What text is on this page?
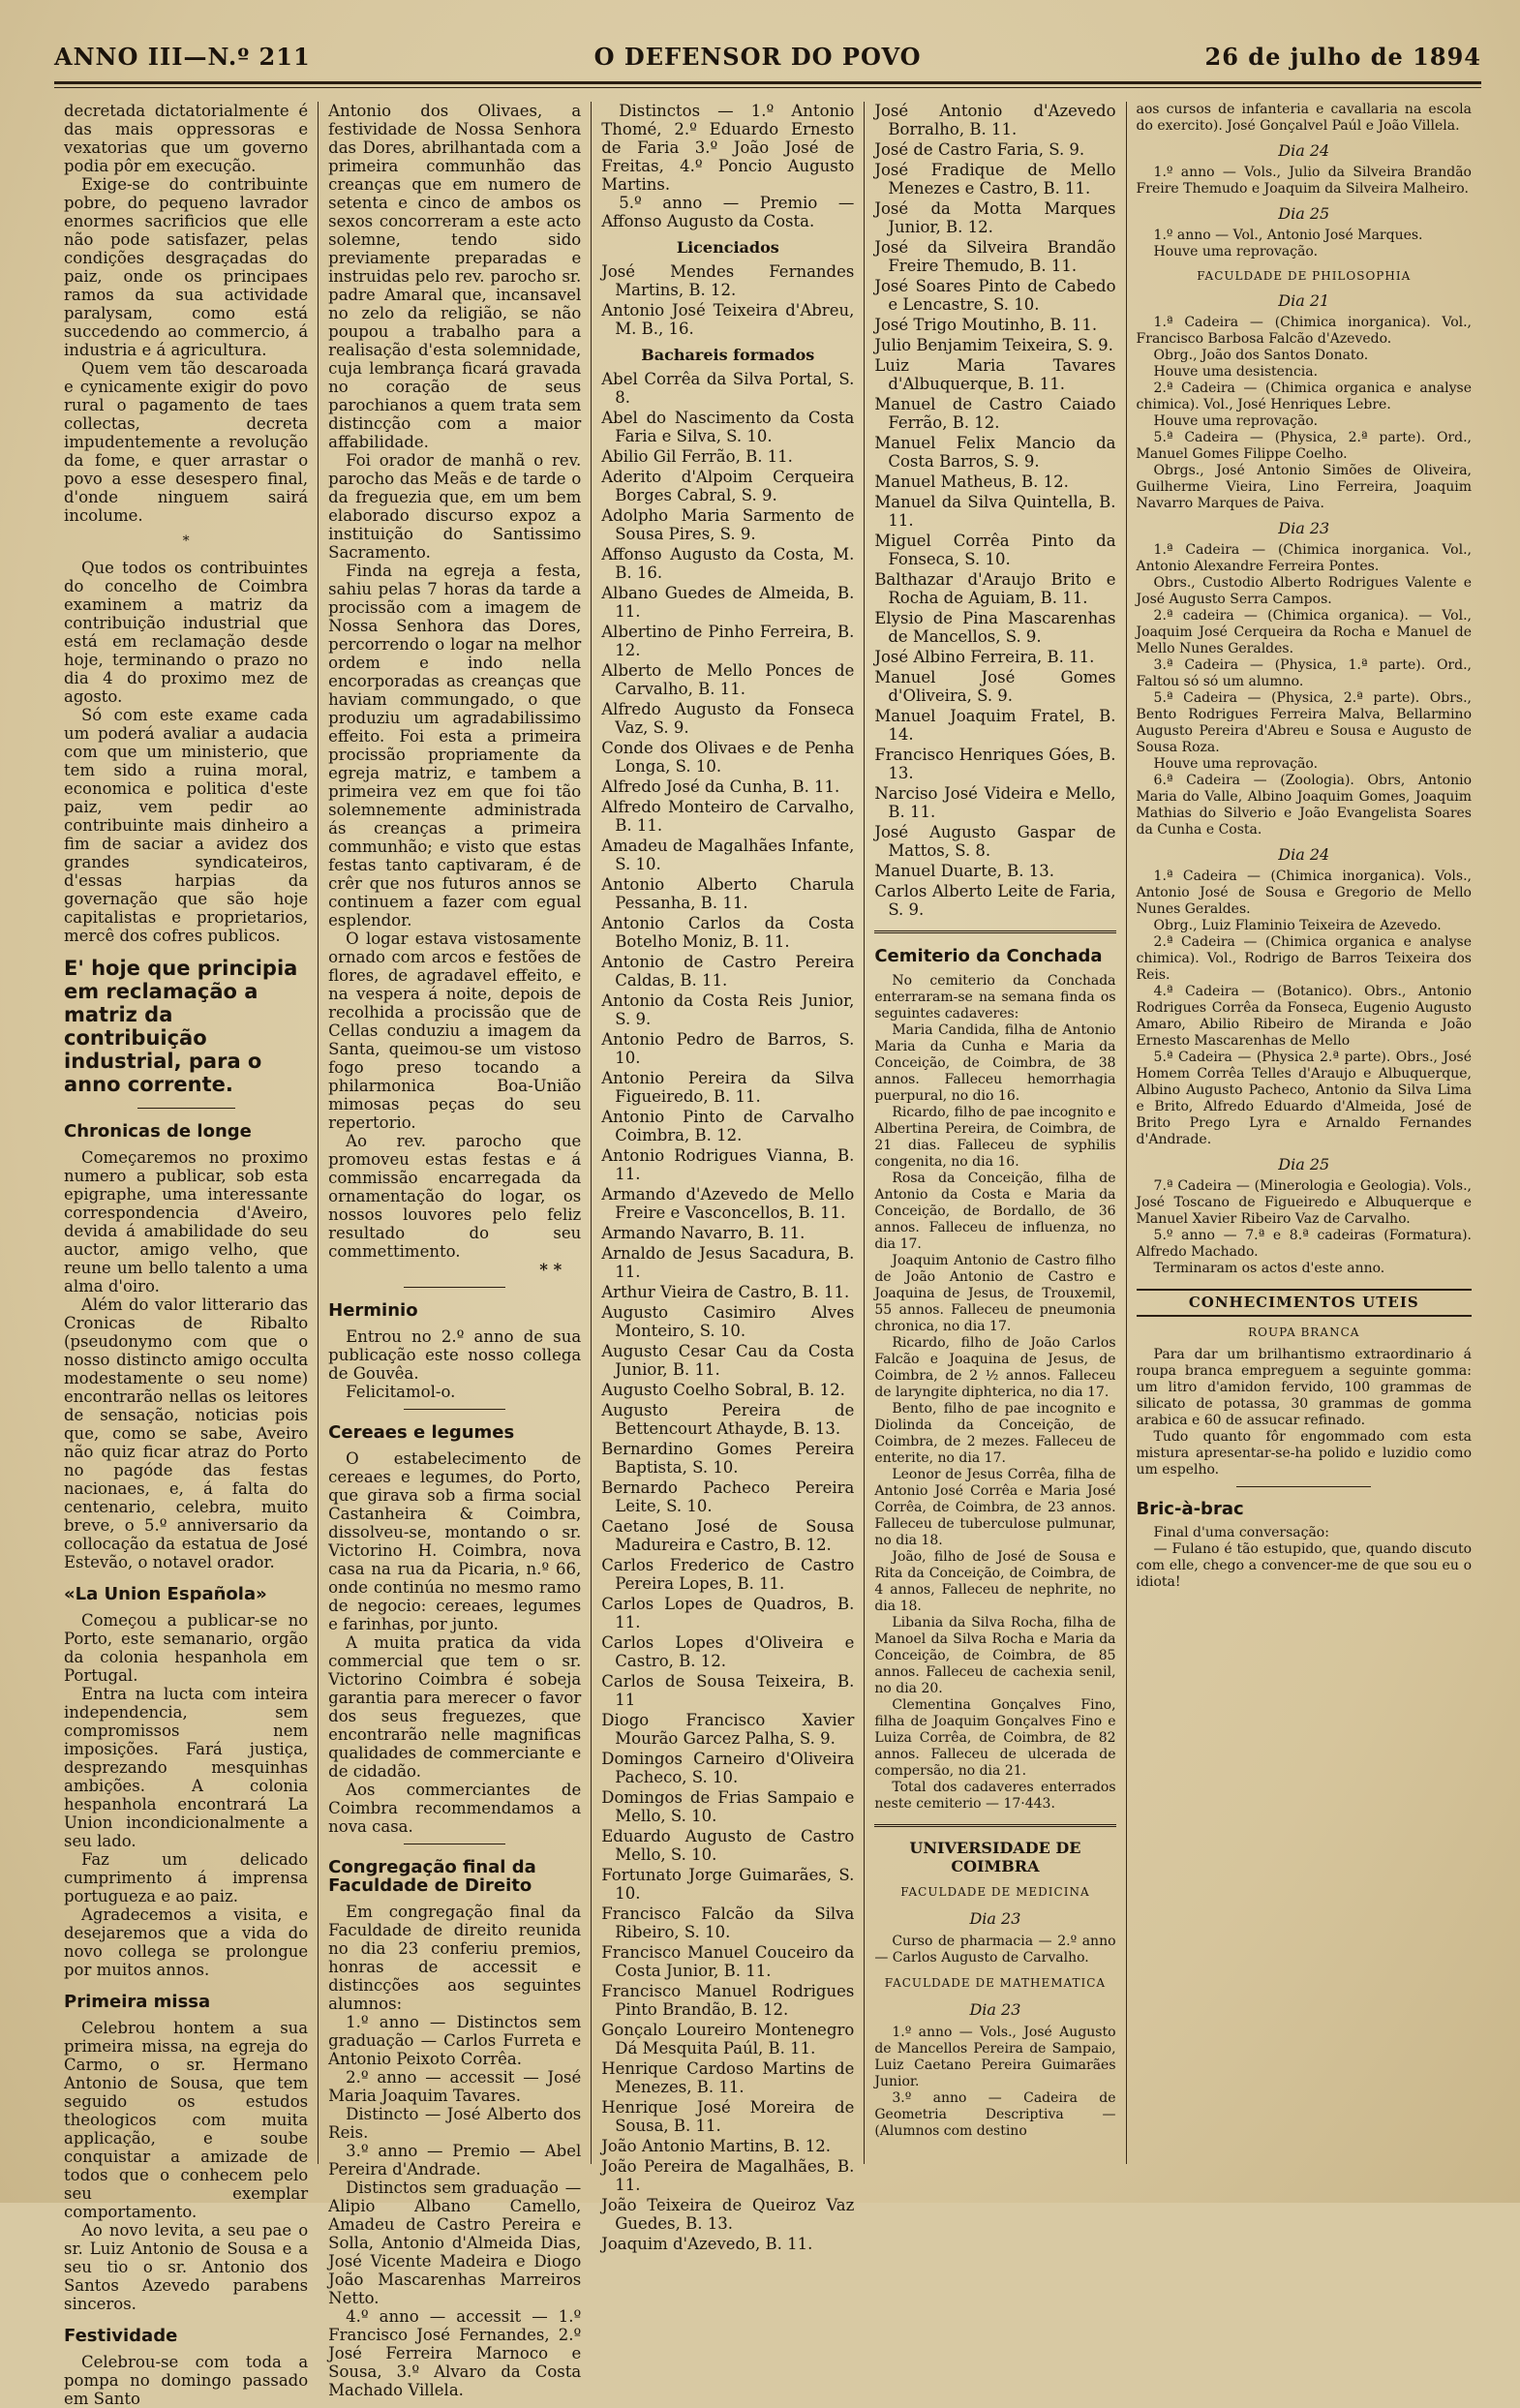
ANNO III—N.º 211	O DEFENSOR DO POVO	26 de julho de 1894

decretada dictatorialmente é das mais oppressoras e vexatorias que um governo podia pôr em execução.

Exige-se do contribuinte pobre, do pequeno lavrador enormes sacrificios que elle não pode satisfazer, pelas condições desgraçadas do paiz, onde os principaes ramos da sua actividade paralysam, como está succedendo ao commercio, á industria e á agricultura.

Quem vem tão descaroada e cynicamente exigir do povo rural o pagamento de taes collectas, decreta impudentemente a revolução da fome, e quer arrastar o povo a esse desespero final, d'onde ninguem sairá incolume.

*

Que todos os contribuintes do concelho de Coimbra examinem a matriz da contribuição industrial que está em reclamação desde hoje, terminando o prazo no dia 4 do proximo mez de agosto.

Só com este exame cada um poderá avaliar a audacia com que um ministerio, que tem sido a ruina moral, economica e politica d'este paiz, vem pedir ao contribuinte mais dinheiro a fim de saciar a avidez dos grandes syndicateiros, d'essas harpias da governação que são hoje capitalistas e proprietarios, mercê dos cofres publicos.

E' hoje que principia em reclamação a matriz da contribuição industrial, para o anno corrente.
Chronicas de longe

Começaremos no proximo numero a publicar, sob esta epigraphe, uma interessante correspondencia d'Aveiro, devida á amabilidade do seu auctor, amigo velho, que reune um bello talento a uma alma d'oiro.

Além do valor litterario das Cronicas de Ribalto (pseudonymo com que o nosso distincto amigo occulta modestamente o seu nome) encontrarão nellas os leitores de sensação, noticias pois que, como se sabe, Aveiro não quiz ficar atraz do Porto no pagóde das festas nacionaes, e, á falta do centenario, celebra, muito breve, o 5.º anniversario da collocação da estatua de José Estevão, o notavel orador.

«La Union Española»

Começou a publicar-se no Porto, este semanario, orgão da colonia hespanhola em Portugal.

Entra na lucta com inteira independencia, sem compromissos nem imposições. Fará justiça, desprezando mesquinhas ambições. A colonia hespanhola encontrará La Union incondicionalmente a seu lado.

Faz um delicado cumprimento á imprensa portugueza e ao paiz.

Agradecemos a visita, e desejaremos que a vida do novo collega se prolongue por muitos annos.

Primeira missa

Celebrou hontem a sua primeira missa, na egreja do Carmo, o sr. Hermano Antonio de Sousa, que tem seguido os estudos theologicos com muita applicação, e soube conquistar a amizade de todos que o conhecem pelo seu exemplar comportamento.

Ao novo levita, a seu pae o sr. Luiz Antonio de Sousa e a seu tio o sr. Antonio dos Santos Azevedo parabens sinceros.

Festividade

Celebrou-se com toda a pompa no domingo passado em Santo

Antonio dos Olivaes, a festividade de Nossa Senhora das Dores, abrilhantada com a primeira communhão das creanças que em numero de setenta e cinco de ambos os sexos concorreram a este acto solemne, tendo sido previamente preparadas e instruidas pelo rev. parocho sr. padre Amaral que, incansavel no zelo da religião, se não poupou a trabalho para a realisação d'esta solemnidade, cuja lembrança ficará gravada no coração de seus parochianos a quem trata sem distincção com a maior affabilidade.

Foi orador de manhã o rev. parocho das Meãs e de tarde o da freguezia que, em um bem elaborado discurso expoz a instituição do Santissimo Sacramento.

Finda na egreja a festa, sahiu pelas 7 horas da tarde a procissão com a imagem de Nossa Senhora das Dores, percorrendo o logar na melhor ordem e indo nella encorporadas as creanças que haviam commungado, o que produziu um agradabilissimo effeito. Foi esta a primeira procissão propriamente da egreja matriz, e tambem a primeira vez em que foi tão solemnemente administrada ás creanças a primeira communhão; e visto que estas festas tanto captivaram, é de crêr que nos futuros annos se continuem a fazer com egual esplendor.

O logar estava vistosamente ornado com arcos e festões de flores, de agradavel effeito, e na vespera á noite, depois de recolhida a procissão que de Cellas conduziu a imagem da Santa, queimou-se um vistoso fogo preso tocando a philarmonica Boa-União mimosas peças do seu repertorio.

Ao rev. parocho que promoveu estas festas e á commissão encarregada da ornamentação do logar, os nossos louvores pelo feliz resultado do seu commettimento.

* *
Herminio

Entrou no 2.º anno de sua publicação este nosso collega de Gouvêa.

Felicitamol-o.

Cereaes e legumes

O estabelecimento de cereaes e legumes, do Porto, que girava sob a firma social Castanheira & Coimbra, dissolveu-se, montando o sr. Victorino H. Coimbra, nova casa na rua da Picaria, n.º 66, onde continúa no mesmo ramo de negocio: cereaes, legumes e farinhas, por junto.

A muita pratica da vida commercial que tem o sr. Victorino Coimbra é sobeja garantia para merecer o favor dos seus freguezes, que encontrarão nelle magnificas qualidades de commerciante e de cidadão.

Aos commerciantes de Coimbra recommendamos a nova casa.

Congregação final da Faculdade de Direito

Em congregação final da Faculdade de direito reunida no dia 23 conferiu premios, honras de accessit e distincções aos seguintes alumnos:

1.º anno — Distinctos sem graduação — Carlos Furreta e Antonio Peixoto Corrêa.

2.º anno — accessit — José Maria Joaquim Tavares.

Distincto — José Alberto dos Reis.

3.º anno — Premio — Abel Pereira d'Andrade.

Distinctos sem graduação — Alipio Albano Camello, Amadeu de Castro Pereira e Solla, Antonio d'Almeida Dias, José Vicente Madeira e Diogo João Mascarenhas Marreiros Netto.

4.º anno — accessit — 1.º Francisco José Fernandes, 2.º José Ferreira Marnoco e Sousa, 3.º Alvaro da Costa Machado Villela.

Distinctos — 1.º Antonio Thomé, 2.º Eduardo Ernesto de Faria 3.º João José de Freitas, 4.º Poncio Augusto Martins.

5.º anno — Premio — Affonso Augusto da Costa.

Licenciados

José Mendes Fernandes Martins, B. 12.

Antonio José Teixeira d'Abreu, M. B., 16.

Bachareis formados

Abel Corrêa da Silva Portal, S. 8.

Abel do Nascimento da Costa Faria e Silva, S. 10.

Abilio Gil Ferrão, B. 11.

Aderito d'Alpoim Cerqueira Borges Cabral, S. 9.

Adolpho Maria Sarmento de Sousa Pires, S. 9.

Affonso Augusto da Costa, M. B. 16.

Albano Guedes de Almeida, B. 11.

Albertino de Pinho Ferreira, B. 12.

Alberto de Mello Ponces de Carvalho, B. 11.

Alfredo Augusto da Fonseca Vaz, S. 9.

Conde dos Olivaes e de Penha Longa, S. 10.

Alfredo José da Cunha, B. 11.

Alfredo Monteiro de Carvalho, B. 11.

Amadeu de Magalhães Infante, S. 10.

Antonio Alberto Charula Pessanha, B. 11.

Antonio Carlos da Costa Botelho Moniz, B. 11.

Antonio de Castro Pereira Caldas, B. 11.

Antonio da Costa Reis Junior, S. 9.

Antonio Pedro de Barros, S. 10.

Antonio Pereira da Silva Figueiredo, B. 11.

Antonio Pinto de Carvalho Coimbra, B. 12.

Antonio Rodrigues Vianna, B. 11.

Armando d'Azevedo de Mello Freire e Vasconcellos, B. 11.

Armando Navarro, B. 11.

Arnaldo de Jesus Sacadura, B. 11.

Arthur Vieira de Castro, B. 11.

Augusto Casimiro Alves Monteiro, S. 10.

Augusto Cesar Cau da Costa Junior, B. 11.

Augusto Coelho Sobral, B. 12.

Augusto Pereira de Bettencourt Athayde, B. 13.

Bernardino Gomes Pereira Baptista, S. 10.

Bernardo Pacheco Pereira Leite, S. 10.

Caetano José de Sousa Madureira e Castro, B. 12.

Carlos Frederico de Castro Pereira Lopes, B. 11.

Carlos Lopes de Quadros, B. 11.

Carlos Lopes d'Oliveira e Castro, B. 12.

Carlos de Sousa Teixeira, B. 11

Diogo Francisco Xavier Mourão Garcez Palha, S. 9.

Domingos Carneiro d'Oliveira Pacheco, S. 10.

Domingos de Frias Sampaio e Mello, S. 10.

Eduardo Augusto de Castro Mello, S. 10.

Fortunato Jorge Guimarães, S. 10.

Francisco Falcão da Silva Ribeiro, S. 10.

Francisco Manuel Couceiro da Costa Junior, B. 11.

Francisco Manuel Rodrigues Pinto Brandão, B. 12.

Gonçalo Loureiro Montenegro Dá Mesquita Paúl, B. 11.

Henrique Cardoso Martins de Menezes, B. 11.

Henrique José Moreira de Sousa, B. 11.

João Antonio Martins, B. 12.

João Pereira de Magalhães, B. 11.

João Teixeira de Queiroz Vaz Guedes, B. 13.

Joaquim d'Azevedo, B. 11.

José Antonio d'Azevedo Borralho, B. 11.

José de Castro Faria, S. 9.

José Fradique de Mello Menezes e Castro, B. 11.

José da Motta Marques Junior, B. 12.

José da Silveira Brandão Freire Themudo, B. 11.

José Soares Pinto de Cabedo e Lencastre, S. 10.

José Trigo Moutinho, B. 11.

Julio Benjamim Teixeira, S. 9.

Luiz Maria Tavares d'Albuquerque, B. 11.

Manuel de Castro Caiado Ferrão, B. 12.

Manuel Felix Mancio da Costa Barros, S. 9.

Manuel Matheus, B. 12.

Manuel da Silva Quintella, B. 11.

Miguel Corrêa Pinto da Fonseca, S. 10.

Balthazar d'Araujo Brito e Rocha de Aguiam, B. 11.

Elysio de Pina Mascarenhas de Mancellos, S. 9.

José Albino Ferreira, B. 11.

Manuel José Gomes d'Oliveira, S. 9.

Manuel Joaquim Fratel, B. 14.

Francisco Henriques Góes, B. 13.

Narciso José Videira e Mello, B. 11.

José Augusto Gaspar de Mattos, S. 8.

Manuel Duarte, B. 13.

Carlos Alberto Leite de Faria, S. 9.

Cemiterio da Conchada

No cemiterio da Conchada enterraram-se na semana finda os seguintes cadaveres:

Maria Candida, filha de Antonio Maria da Cunha e Maria da Conceição, de Coimbra, de 38 annos. Falleceu hemorrhagia puerpural, no dio 16.

Ricardo, filho de pae incognito e Albertina Pereira, de Coimbra, de 21 dias. Falleceu de syphilis congenita, no dia 16.

Rosa da Conceição, filha de Antonio da Costa e Maria da Conceição, de Bordallo, de 36 annos. Falleceu de influenza, no dia 17.

Joaquim Antonio de Castro filho de João Antonio de Castro e Joaquina de Jesus, de Trouxemil, 55 annos. Falleceu de pneumonia chronica, no dia 17.

Ricardo, filho de João Carlos Falcão e Joaquina de Jesus, de Coimbra, de 2 ½ annos. Falleceu de laryngite diphterica, no dia 17.

Bento, filho de pae incognito e Diolinda da Conceição, de Coimbra, de 2 mezes. Falleceu de enterite, no dia 17.

Leonor de Jesus Corrêa, filha de Antonio José Corrêa e Maria José Corrêa, de Coimbra, de 23 annos. Falleceu de tuberculose pulmunar, no dia 18.

João, filho de José de Sousa e Rita da Conceição, de Coimbra, de 4 annos, Falleceu de nephrite, no dia 18.

Libania da Silva Rocha, filha de Manoel da Silva Rocha e Maria da Conceição, de Coimbra, de 85 annos. Falleceu de cachexia senil, no dia 20.

Clementina Gonçalves Fino, filha de Joaquim Gonçalves Fino e Luiza Corrêa, de Coimbra, de 82 annos. Falleceu de ulcerada de compersão, no dia 21.

Total dos cadaveres enterrados neste cemiterio — 17·443.

UNIVERSIDADE DE COIMBRA
FACULDADE DE MEDICINA
Dia 23

Curso de pharmacia — 2.º anno — Carlos Augusto de Carvalho.

FACULDADE DE MATHEMATICA
Dia 23

1.º anno — Vols., José Augusto de Mancellos Pereira de Sampaio, Luiz Caetano Pereira Guimarães Junior.

3.º anno — Cadeira de Geometria Descriptiva — (Alumnos com destino

aos cursos de infanteria e cavallaria na escola do exercito). José Gonçalvel Paúl e João Villela.

Dia 24

1.º anno — Vols., Julio da Silveira Brandão Freire Themudo e Joaquim da Silveira Malheiro.

Dia 25

1.º anno — Vol., Antonio José Marques.

Houve uma reprovação.

FACULDADE DE PHILOSOPHIA
Dia 21

1.ª Cadeira — (Chimica inorganica). Vol., Francisco Barbosa Falcão d'Azevedo.

Obrg., João dos Santos Donato.

Houve uma desistencia.

2.ª Cadeira — (Chimica organica e analyse chimica). Vol., José Henriques Lebre.

Houve uma reprovação.

5.ª Cadeira — (Physica, 2.ª parte). Ord., Manuel Gomes Filippe Coelho.

Obrgs., José Antonio Simões de Oliveira, Guilherme Vieira, Lino Ferreira, Joaquim Navarro Marques de Paiva.

Dia 23

1.ª Cadeira — (Chimica inorganica. Vol., Antonio Alexandre Ferreira Pontes.

Obrs., Custodio Alberto Rodrigues Valente e José Augusto Serra Campos.

2.ª cadeira — (Chimica organica). — Vol., Joaquim José Cerqueira da Rocha e Manuel de Mello Nunes Geraldes.

3.ª Cadeira — (Physica, 1.ª parte). Ord., Faltou só só um alumno.

5.ª Cadeira — (Physica, 2.ª parte). Obrs., Bento Rodrigues Ferreira Malva, Bellarmino Augusto Pereira d'Abreu e Sousa e Augusto de Sousa Roza.

Houve uma reprovação.

6.ª Cadeira — (Zoologia). Obrs, Antonio Maria do Valle, Albino Joaquim Gomes, Joaquim Mathias do Silverio e João Evangelista Soares da Cunha e Costa.

Dia 24

1.ª Cadeira — (Chimica inorganica). Vols., Antonio José de Sousa e Gregorio de Mello Nunes Geraldes.

Obrg., Luiz Flaminio Teixeira de Azevedo.

2.ª Cadeira — (Chimica organica e analyse chimica). Vol., Rodrigo de Barros Teixeira dos Reis.

4.ª Cadeira — (Botanico). Obrs., Antonio Rodrigues Corrêa da Fonseca, Eugenio Augusto Amaro, Abilio Ribeiro de Miranda e João Ernesto Mascarenhas de Mello

5.ª Cadeira — (Physica 2.ª parte). Obrs., José Homem Corrêa Telles d'Araujo e Albuquerque, Albino Augusto Pacheco, Antonio da Silva Lima e Brito, Alfredo Eduardo d'Almeida, José de Brito Prego Lyra e Arnaldo Fernandes d'Andrade.

Dia 25

7.ª Cadeira — (Minerologia e Geologia). Vols., José Toscano de Figueiredo e Albuquerque e Manuel Xavier Ribeiro Vaz de Carvalho.

5.º anno — 7.ª e 8.ª cadeiras (Formatura). Alfredo Machado.

Terminaram os actos d'este anno.

CONHECIMENTOS UTEIS
ROUPA BRANCA

Para dar um brilhantismo extraordinario á roupa branca empreguem a seguinte gomma: um litro d'amidon fervido, 100 grammas de silicato de potassa, 30 grammas de gomma arabica e 60 de assucar refinado.

Tudo quanto fôr engommado com esta mistura apresentar-se-ha polido e luzidio como um espelho.

Bric-à-brac

Final d'uma conversação:

— Fulano é tão estupido, que, quando discuto com elle, chego a convencer-me de que sou eu o idiota!
